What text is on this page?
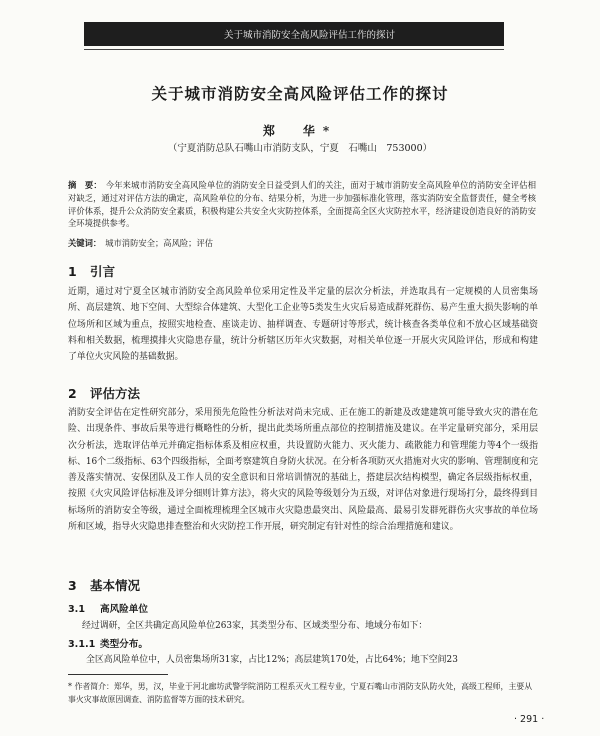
关于城市消防安全高风险评估工作的探讨
关于城市消防安全高风险评估工作的探讨
郑　华*
（宁夏消防总队石嘴山市消防支队，宁夏　石嘴山　753000）
摘　要： 今年来城市消防安全高风险单位的消防安全日益受到人们的关注，面对于城市消防安全高风险单位的消防安全评估相对缺乏，通过对评估方法的确定，高风险单位的分布、结果分析，为进一步加强标准化管理，落实消防安全监督责任，健全考核评价体系，提升公众消防安全素质，积极构建公共安全火灾防控体系，全面提高全区火灾防控水平，经济建设创造良好的消防安全环境提供参考。
关键词： 城市消防安全；高风险；评估
1 引言
近期，通过对宁夏全区城市消防安全高风险单位采用定性及半定量的层次分析法，并选取具有一定规模的人员密集场所、高层建筑、地下空间、大型综合体建筑、大型化工企业等5类发生火灾后易造成群死群伤、易产生重大损失影响的单位场所和区域为重点，按照实地检查、座谈走访、抽样调查、专题研讨等形式，统计核查各类单位和不放心区域基础资料和相关数据，梳理摸排火灾隐患存量，统计分析辖区历年火灾数据，对相关单位逐一开展火灾风险评估，形成和构建了单位火灾风险的基础数据。
2 评估方法
消防安全评估在定性研究部分，采用预先危险性分析法对尚未完成、正在施工的新建及改建建筑可能导致火灾的潜在危险、出现条件、事故后果等进行概略性的分析，提出此类场所重点部位的控制措施及建议。在半定量研究部分，采用层次分析法，选取评估单元并确定指标体系及相应权重，共设置防火能力、灭火能力、疏散能力和管理能力等4个一级指标、16个二级指标、63个四级指标，全面考察建筑自身防火状况。在分析各项防灭火措施对火灾的影响、管理制度和完善及落实情况、安保团队及工作人员的安全意识和日常培训情况的基础上，搭建层次结构模型，确定各层级指标权重，按照《火灾风险评估标准及评分细则计算方法》，将火灾的风险等级划分为五级，对评估对象进行现场打分，最终得到目标场所的消防安全等级，通过全面梳理梳理全区城市火灾隐患最突出、风险最高、最易引发群死群伤火灾事故的单位场所和区域，指导火灾隐患排查整治和火灾防控工作开展，研究制定有针对性的综合治理措施和建议。
3 基本情况
3.1 高风险单位
经过调研，全区共确定高风险单位263家，其类型分布、区域类型分布、地域分布如下：
3.1.1 类型分布。
全区高风险单位中，人员密集场所31家，占比12%；高层建筑170处，占比64%；地下空间23
* 作者简介：郑华，男，汉，毕业于河北廊坊武警学院消防工程系灭火工程专业，宁夏石嘴山市消防支队防火处，高级工程师，主要从事火灾事故原因调查、消防监督等方面的技术研究。
· 291 ·
